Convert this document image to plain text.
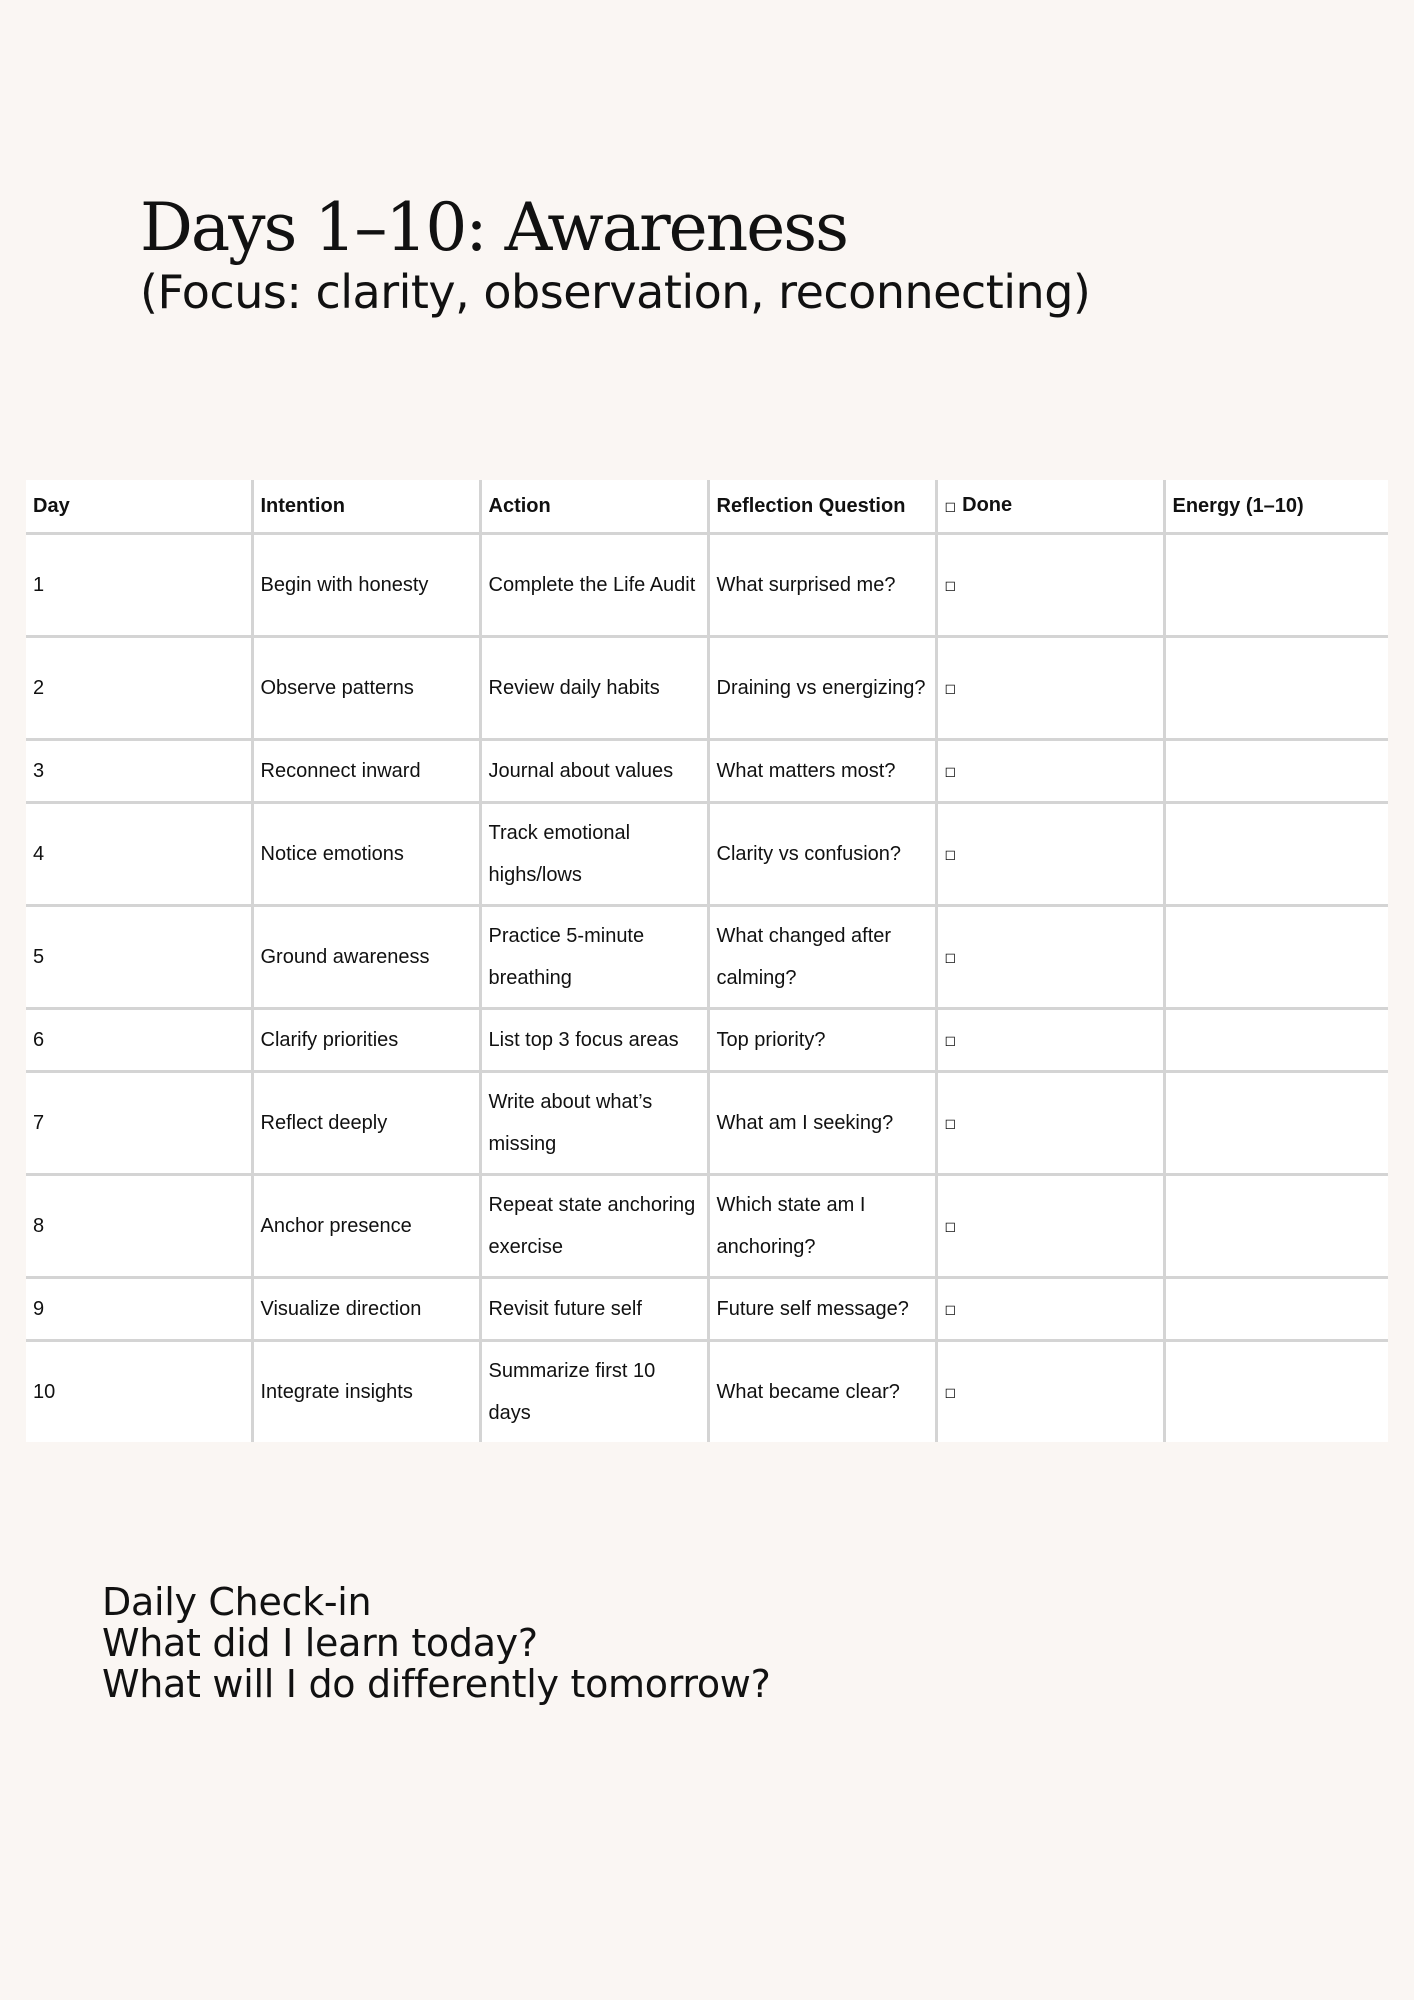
Days 1–10: Awareness

(Focus: clarity, observation, reconnecting)

Day	Intention	Action	Reflection Question	◻ Done	Energy (1–10)
1	Begin with honesty	Complete the Life Audit	What surprised me?	◻	
2	Observe patterns	Review daily habits	Draining vs energizing?	◻	
3	Reconnect inward	Journal about values	What matters most?	◻	
4	Notice emotions	Track emotional highs/lows	Clarity vs confusion?	◻	
5	Ground awareness	Practice 5-minute breathing	What changed after calming?	◻	
6	Clarify priorities	List top 3 focus areas	Top priority?	◻	
7	Reflect deeply	Write about what’s missing	What am I seeking?	◻	
8	Anchor presence	Repeat state anchoring exercise	Which state am I anchoring?	◻	
9	Visualize direction	Revisit future self	Future self message?	◻	
10	Integrate insights	Summarize first 10 days	What became clear?	◻	
Daily Check-in
What did I learn today?
What will I do differently tomorrow?
